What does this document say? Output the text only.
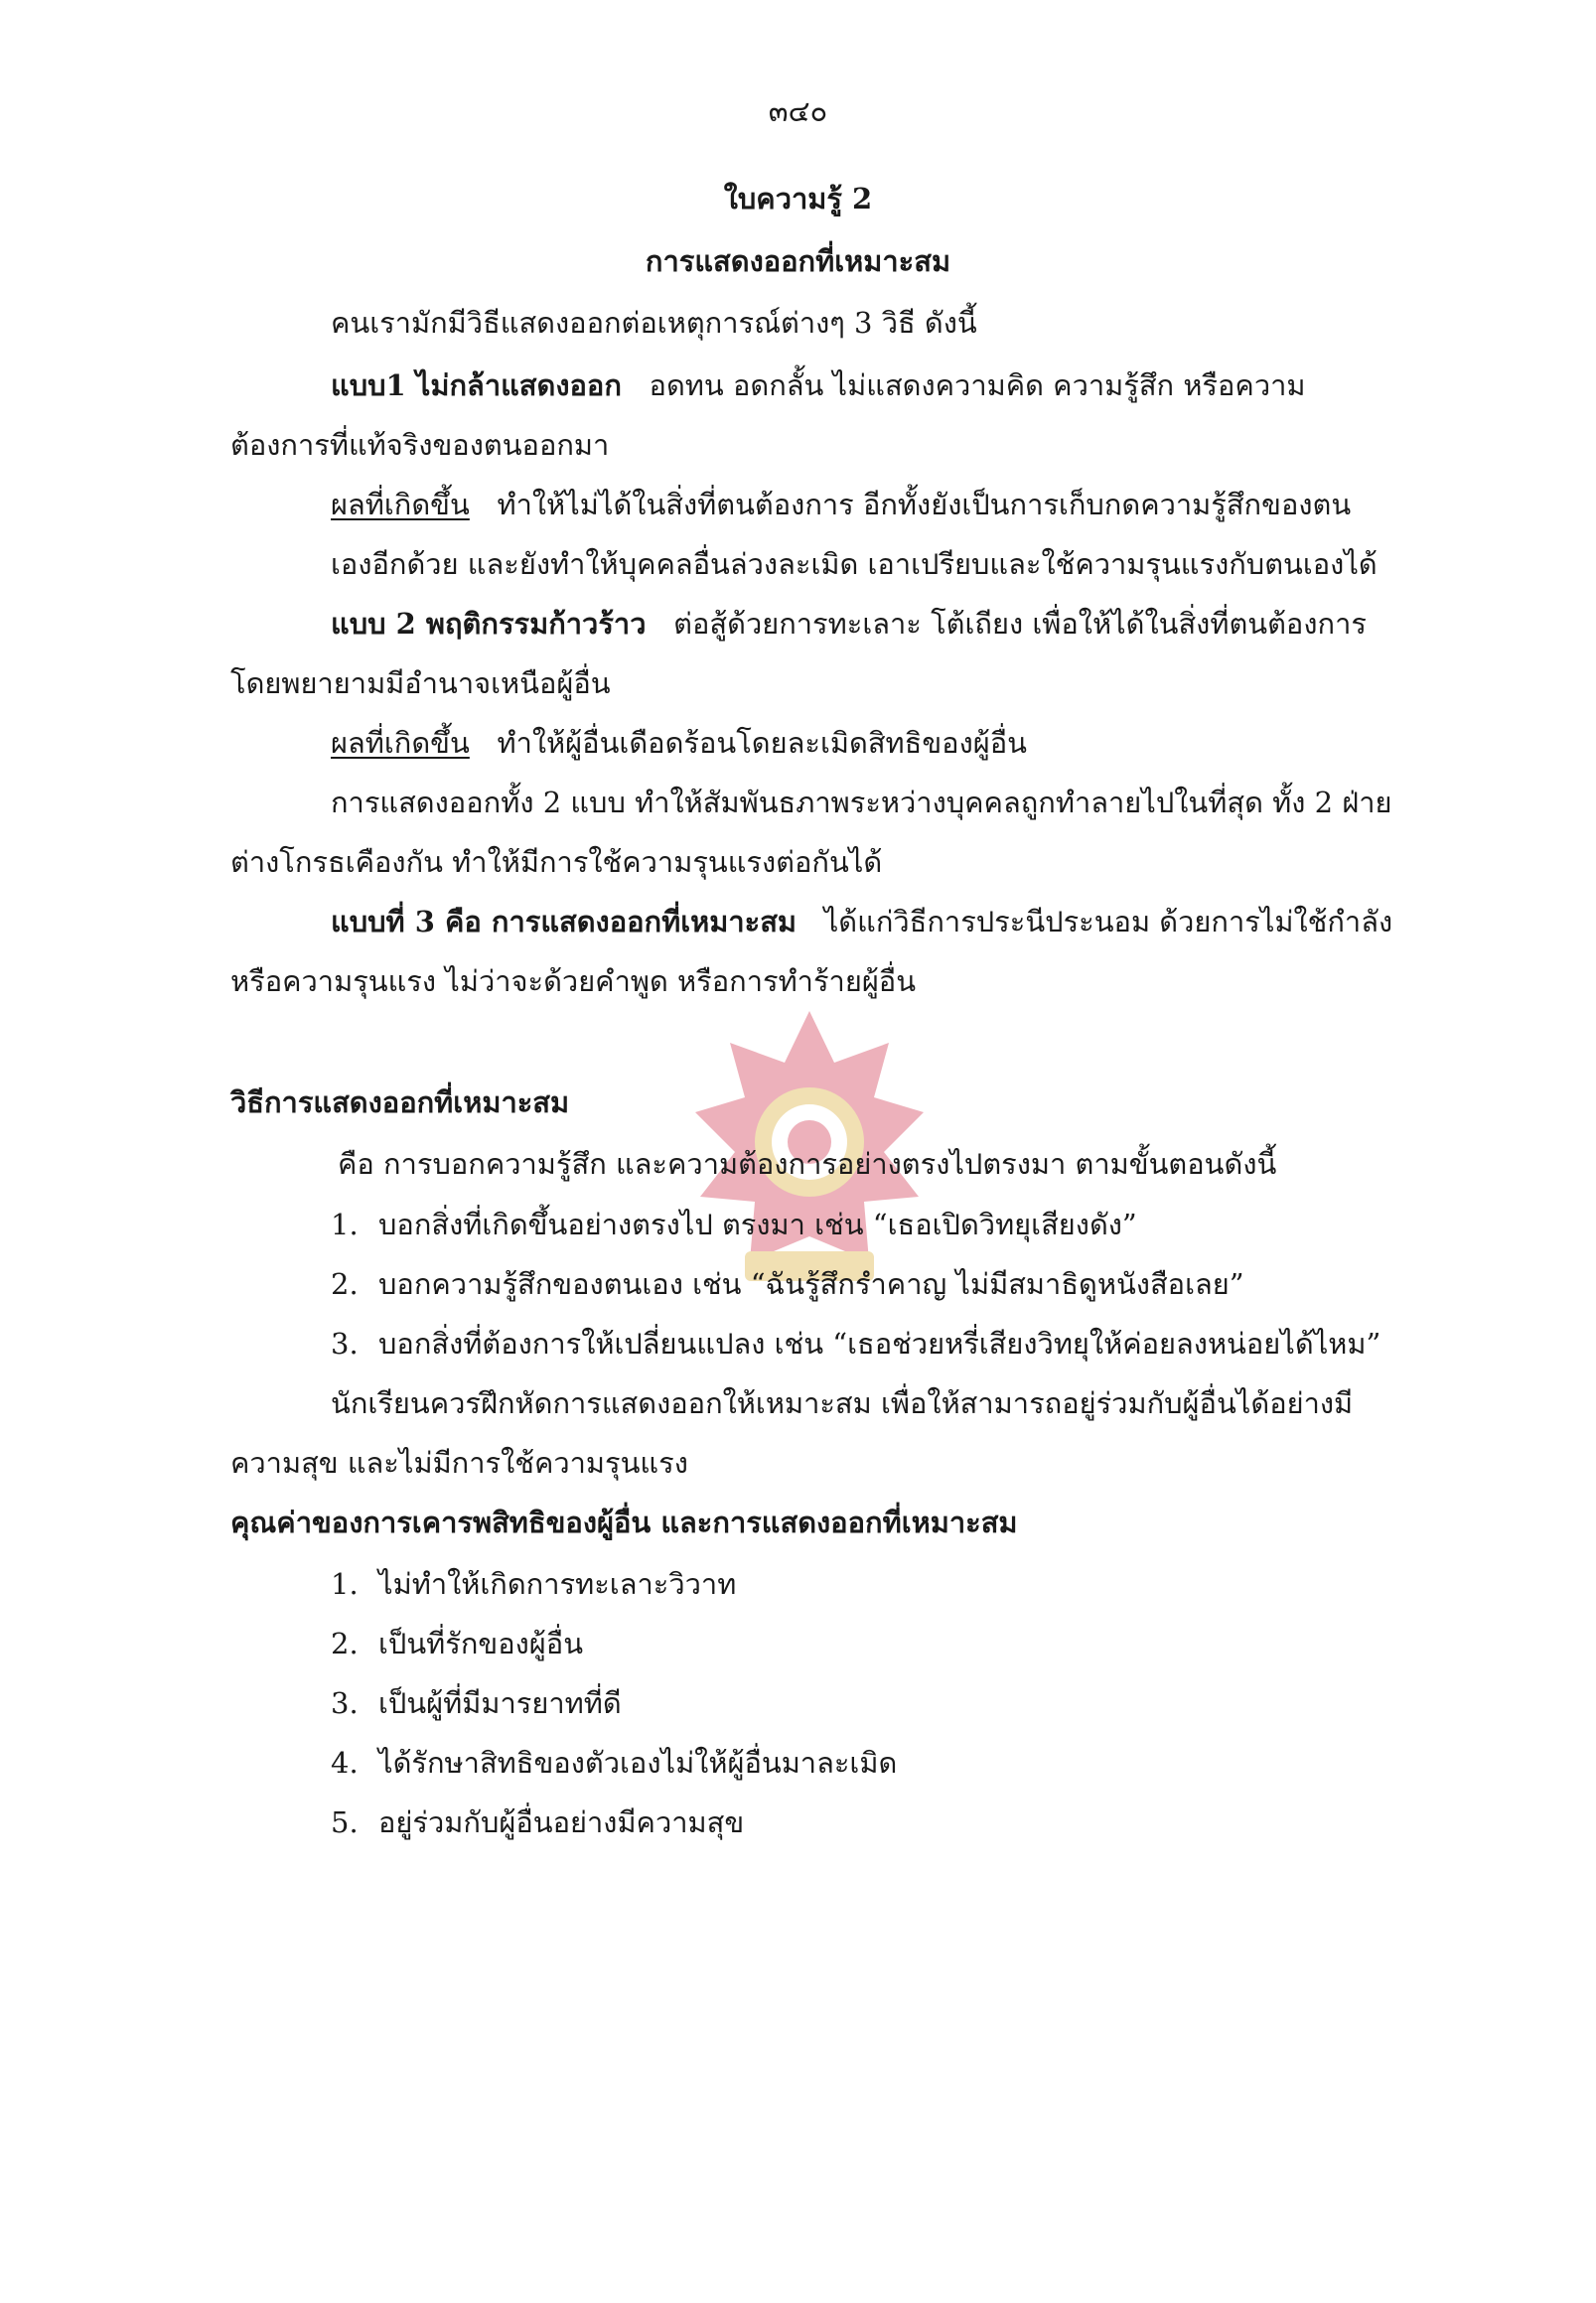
๓๔๐
ใบความรู้ 2
การแสดงออกที่เหมาะสม
คนเรามักมีวิธีแสดงออกต่อเหตุการณ์ต่างๆ 3 วิธี ดังนี้
แบบ1 ไม่กล้าแสดงออก อดทน อดกลั้น ไม่แสดงความคิด ความรู้สึก หรือความ
ต้องการที่แท้จริงของตนออกมา
ผลที่เกิดขึ้น ทำให้ไม่ได้ในสิ่งที่ตนต้องการ อีกทั้งยังเป็นการเก็บกดความรู้สึกของตน
เองอีกด้วย และยังทำให้บุคคลอื่นล่วงละเมิด เอาเปรียบและใช้ความรุนแรงกับตนเองได้
แบบ 2 พฤติกรรมก้าวร้าว ต่อสู้ด้วยการทะเลาะ โต้เถียง เพื่อให้ได้ในสิ่งที่ตนต้องการ
โดยพยายามมีอำนาจเหนือผู้อื่น
ผลที่เกิดขึ้น ทำให้ผู้อื่นเดือดร้อนโดยละเมิดสิทธิของผู้อื่น
การแสดงออกทั้ง 2 แบบ ทำให้สัมพันธภาพระหว่างบุคคลถูกทำลายไปในที่สุด ทั้ง 2 ฝ่าย
ต่างโกรธเคืองกัน ทำให้มีการใช้ความรุนแรงต่อกันได้
แบบที่ 3 คือ การแสดงออกที่เหมาะสม ได้แก่วิธีการประนีประนอม ด้วยการไม่ใช้กำลัง
หรือความรุนแรง ไม่ว่าจะด้วยคำพูด หรือการทำร้ายผู้อื่น
วิธีการแสดงออกที่เหมาะสม
คือ การบอกความรู้สึก และความต้องการอย่างตรงไปตรงมา ตามขั้นตอนดังนี้
1. บอกสิ่งที่เกิดขึ้นอย่างตรงไป ตรงมา เช่น “เธอเปิดวิทยุเสียงดัง”
2. บอกความรู้สึกของตนเอง เช่น “ฉันรู้สึกรำคาญ ไม่มีสมาธิดูหนังสือเลย”
3. บอกสิ่งที่ต้องการให้เปลี่ยนแปลง เช่น “เธอช่วยหรี่เสียงวิทยุให้ค่อยลงหน่อยได้ไหม”
นักเรียนควรฝึกหัดการแสดงออกให้เหมาะสม เพื่อให้สามารถอยู่ร่วมกับผู้อื่นได้อย่างมี
ความสุข และไม่มีการใช้ความรุนแรง
คุณค่าของการเคารพสิทธิของผู้อื่น และการแสดงออกที่เหมาะสม
1. ไม่ทำให้เกิดการทะเลาะวิวาท
2. เป็นที่รักของผู้อื่น
3. เป็นผู้ที่มีมารยาทที่ดี
4. ได้รักษาสิทธิของตัวเองไม่ให้ผู้อื่นมาละเมิด
5. อยู่ร่วมกับผู้อื่นอย่างมีความสุข
